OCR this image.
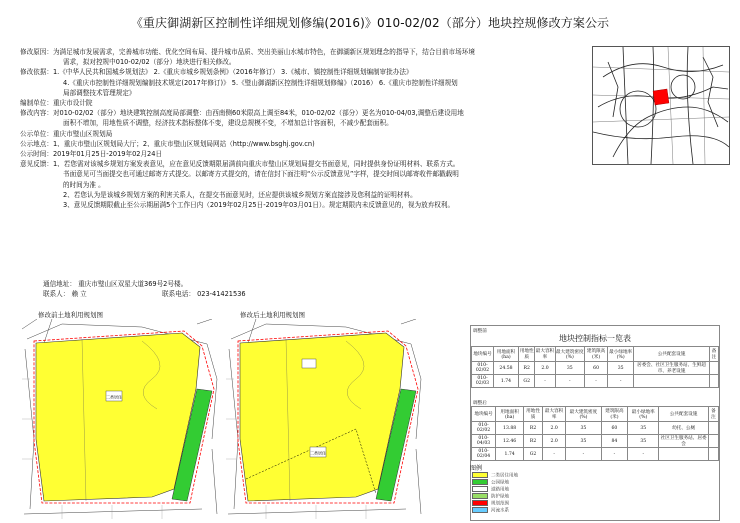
《重庆御湖新区控制性详细规划修编(2016)》010-02/02（部分）地块控规修改方案公示
修改原因：为满足城市发展需求，完善城市功能、优化空间布局、提升城市品质、突出美丽山水城市特色，在御湖新区规划理念的指导下，结合目前市场环境
需求，拟对控规中010-02/02（部分）地块进行相关修改。
修改依据：1.《中华人民共和国城乡规划法》 2.《重庆市城乡规划条例》（2016年修订） 3.《城市、镇控制性详细规划编制审批办法》
4.《重庆市控制性详细规划编制技术规定(2017年修订)》 5.《璧山御湖新区控制性详细规划修编》（2016） 6.《重庆市控制性详细规划
局部调整技术管理规定》
编制单位：重庆市设计院
修改内容：对010-02/02（部分）地块建筑控制高度局部调整：由西南侧60米限高上调至84米，010-02/02（部分）更名为010-04/03,调整后建设用地
面积不增加，用地性质不调整，经济技术指标整体不变，建设总规模不变，不增加总计容面积，不减少配套面积。
公示单位：重庆市璧山区规划局
公示地点：1、重庆市璧山区规划局大厅；2、重庆市璧山区规划局网站（http://www.bsghj.gov.cn)
公示时间：2019年01月25日-2019年02月24日
意见反馈：1、若您需对该城乡规划方案发表意见，应在意见反馈期限届满前向重庆市璧山区规划局提交书面意见，同时提供身份证明材料、联系方式。
书面意见可当面提交也可通过邮寄方式提交。以邮寄方式提交的，请在信封下面注明“公示反馈意见”字样，提交时间以邮寄收件邮戳载明
的时间为准 。
2、若您认为是该城乡规划方案的利害关系人，在提交书面意见时，还应提供该城乡规划方案直接涉及您利益的证明材料。
3、意见反馈期限截止至公示期届满5个工作日内（2019年02月25日-2019年03月01日）。规定期限内未反馈意见的，视为放弃权利。
通信地址： 重庆市璧山区双星大道369号2号楼。
联系人： 赖 立	联系电话： 023-41421536
修改前土地利用规划图	修改后土地利用规划图
二类居住
二类居住
调整前
地块控制指标一览表
地块编号	用地面积(ha)	用地性质	最大容积率	最大建筑密度(%)	建筑限高(米)	最小绿地率(%)	公共配套设施	备注
010-02/02	24.58	R2	2.0	35	60	35	居委会、社区卫生服务站、生鲜超市、养老设施	
010-02/03	1.74	G2	-	-	-	-		
调整后
地块编号	用地面积(ha)	用地性质	最大容积率	最大建筑密度(%)	建筑限高(米)	最小绿地率(%)	公共配套设施	备注
010-02/02	13.88	R2	2.0	35	60	35	幼托、公厕	
010-04/03	12.46	R2	2.0	35	84	35	社区卫生服务站、居委会	
010-02/04	1.74	G2	-	-	-	-		
图例
二类居住用地
公园绿地
道路用地
防护绿地
规划范围
河流水系
